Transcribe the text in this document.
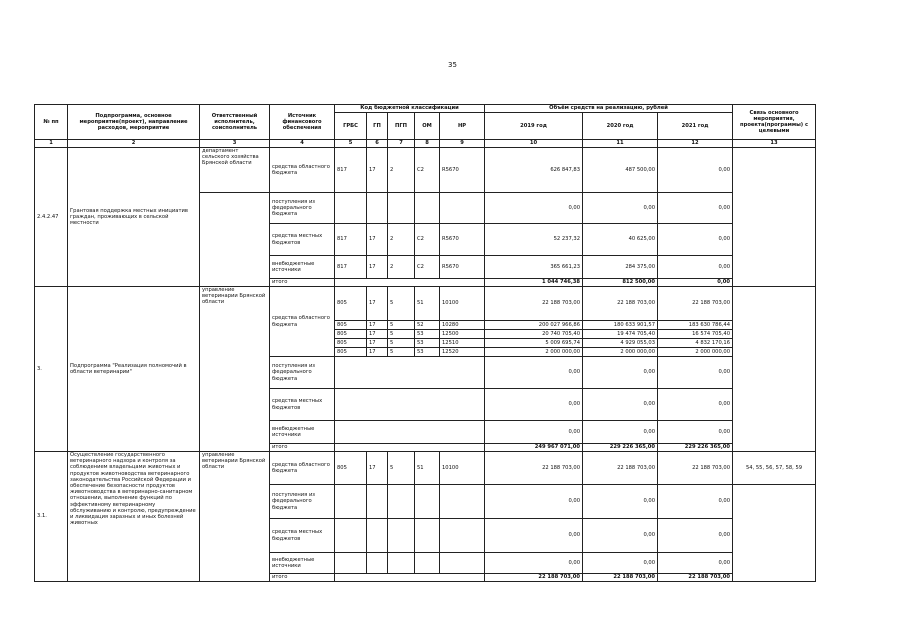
35
№ пп	Подпрограмма, основное мероприятие(проект), направление расходов, мероприятие	Ответственный исполнитель, соисполнитель	Источник финансового обеспечения	Код бюджетной классификации					Объём средств на реализацию, рублей			Связь основного мероприятия, проекта(программы) с целевыми
				ГРБС	ГП	ПГП	ОМ	НР	2019 год	2020 год	2021 год	
1	2	3	4	5	6	7	8	9	10	11	12	13
2.4.2.47	Грантовая поддержка местных инициатив граждан, проживающих в сельской местности	департамент сельского хозяйства Брянской области	средства областного бюджета	817	17	2	С2	R5670	626 847,83	487 500,00	0,00	
			поступления из федерального бюджета						0,00	0,00	0,00	
			средства местных бюджетов	817	17	2	С2	R5670	52 237,32	40 625,00	0,00	
			внебюджетные источники	817	17	2	С2	R5670	365 661,23	284 375,00	0,00	
			итого						1 044 746,38	812 500,00	0,00	
3.	Подпрограмма "Реализация полномочий в области ветеринарии"	управление ветеринарии Брянской области	средства областного бюджета	805	17	5	51	10100	22 188 703,00	22 188 703,00	22 188 703,00	
				805	17	5	52	10280	200 027 966,86	180 633 901,57	183 630 786,44	
				805	17	5	53	12500	20 740 705,40	19 474 705,40	16 574 705,40	
				805	17	5	53	12510	5 009 695,74	4 929 055,03	4 832 170,16	
				805	17	5	53	12520	2 000 000,00	2 000 000,00	2 000 000,00	
			поступления из федерального бюджета						0,00	0,00	0,00	
			средства местных бюджетов						0,00	0,00	0,00	
			внебюджетные источники						0,00	0,00	0,00	
			итого						249 967 071,00	229 226 365,00	229 226 365,00	
3.1.	Осуществление государственного ветеринарного надзора и контроля за соблюдением владельцами животных и продуктов животноводства ветеринарного законодательства Российской Федерации и обеспечение безопасности продуктов животноводства в ветеринарно-санитарном отношении, выполнение функций по эффективному ветеринарному обслуживанию и контролю, предупреждение и ликвидация заразных и иных болезней животных	управление ветеринарии Брянской области	средства областного бюджета	805	17	5	51	10100	22 188 703,00	22 188 703,00	22 188 703,00	54, 55, 56, 57, 58, 59
			поступления из федерального бюджета						0,00	0,00	0,00	
			средства местных бюджетов						0,00	0,00	0,00	
			внебюджетные источники						0,00	0,00	0,00	
			итого						22 188 703,00	22 188 703,00	22 188 703,00	
